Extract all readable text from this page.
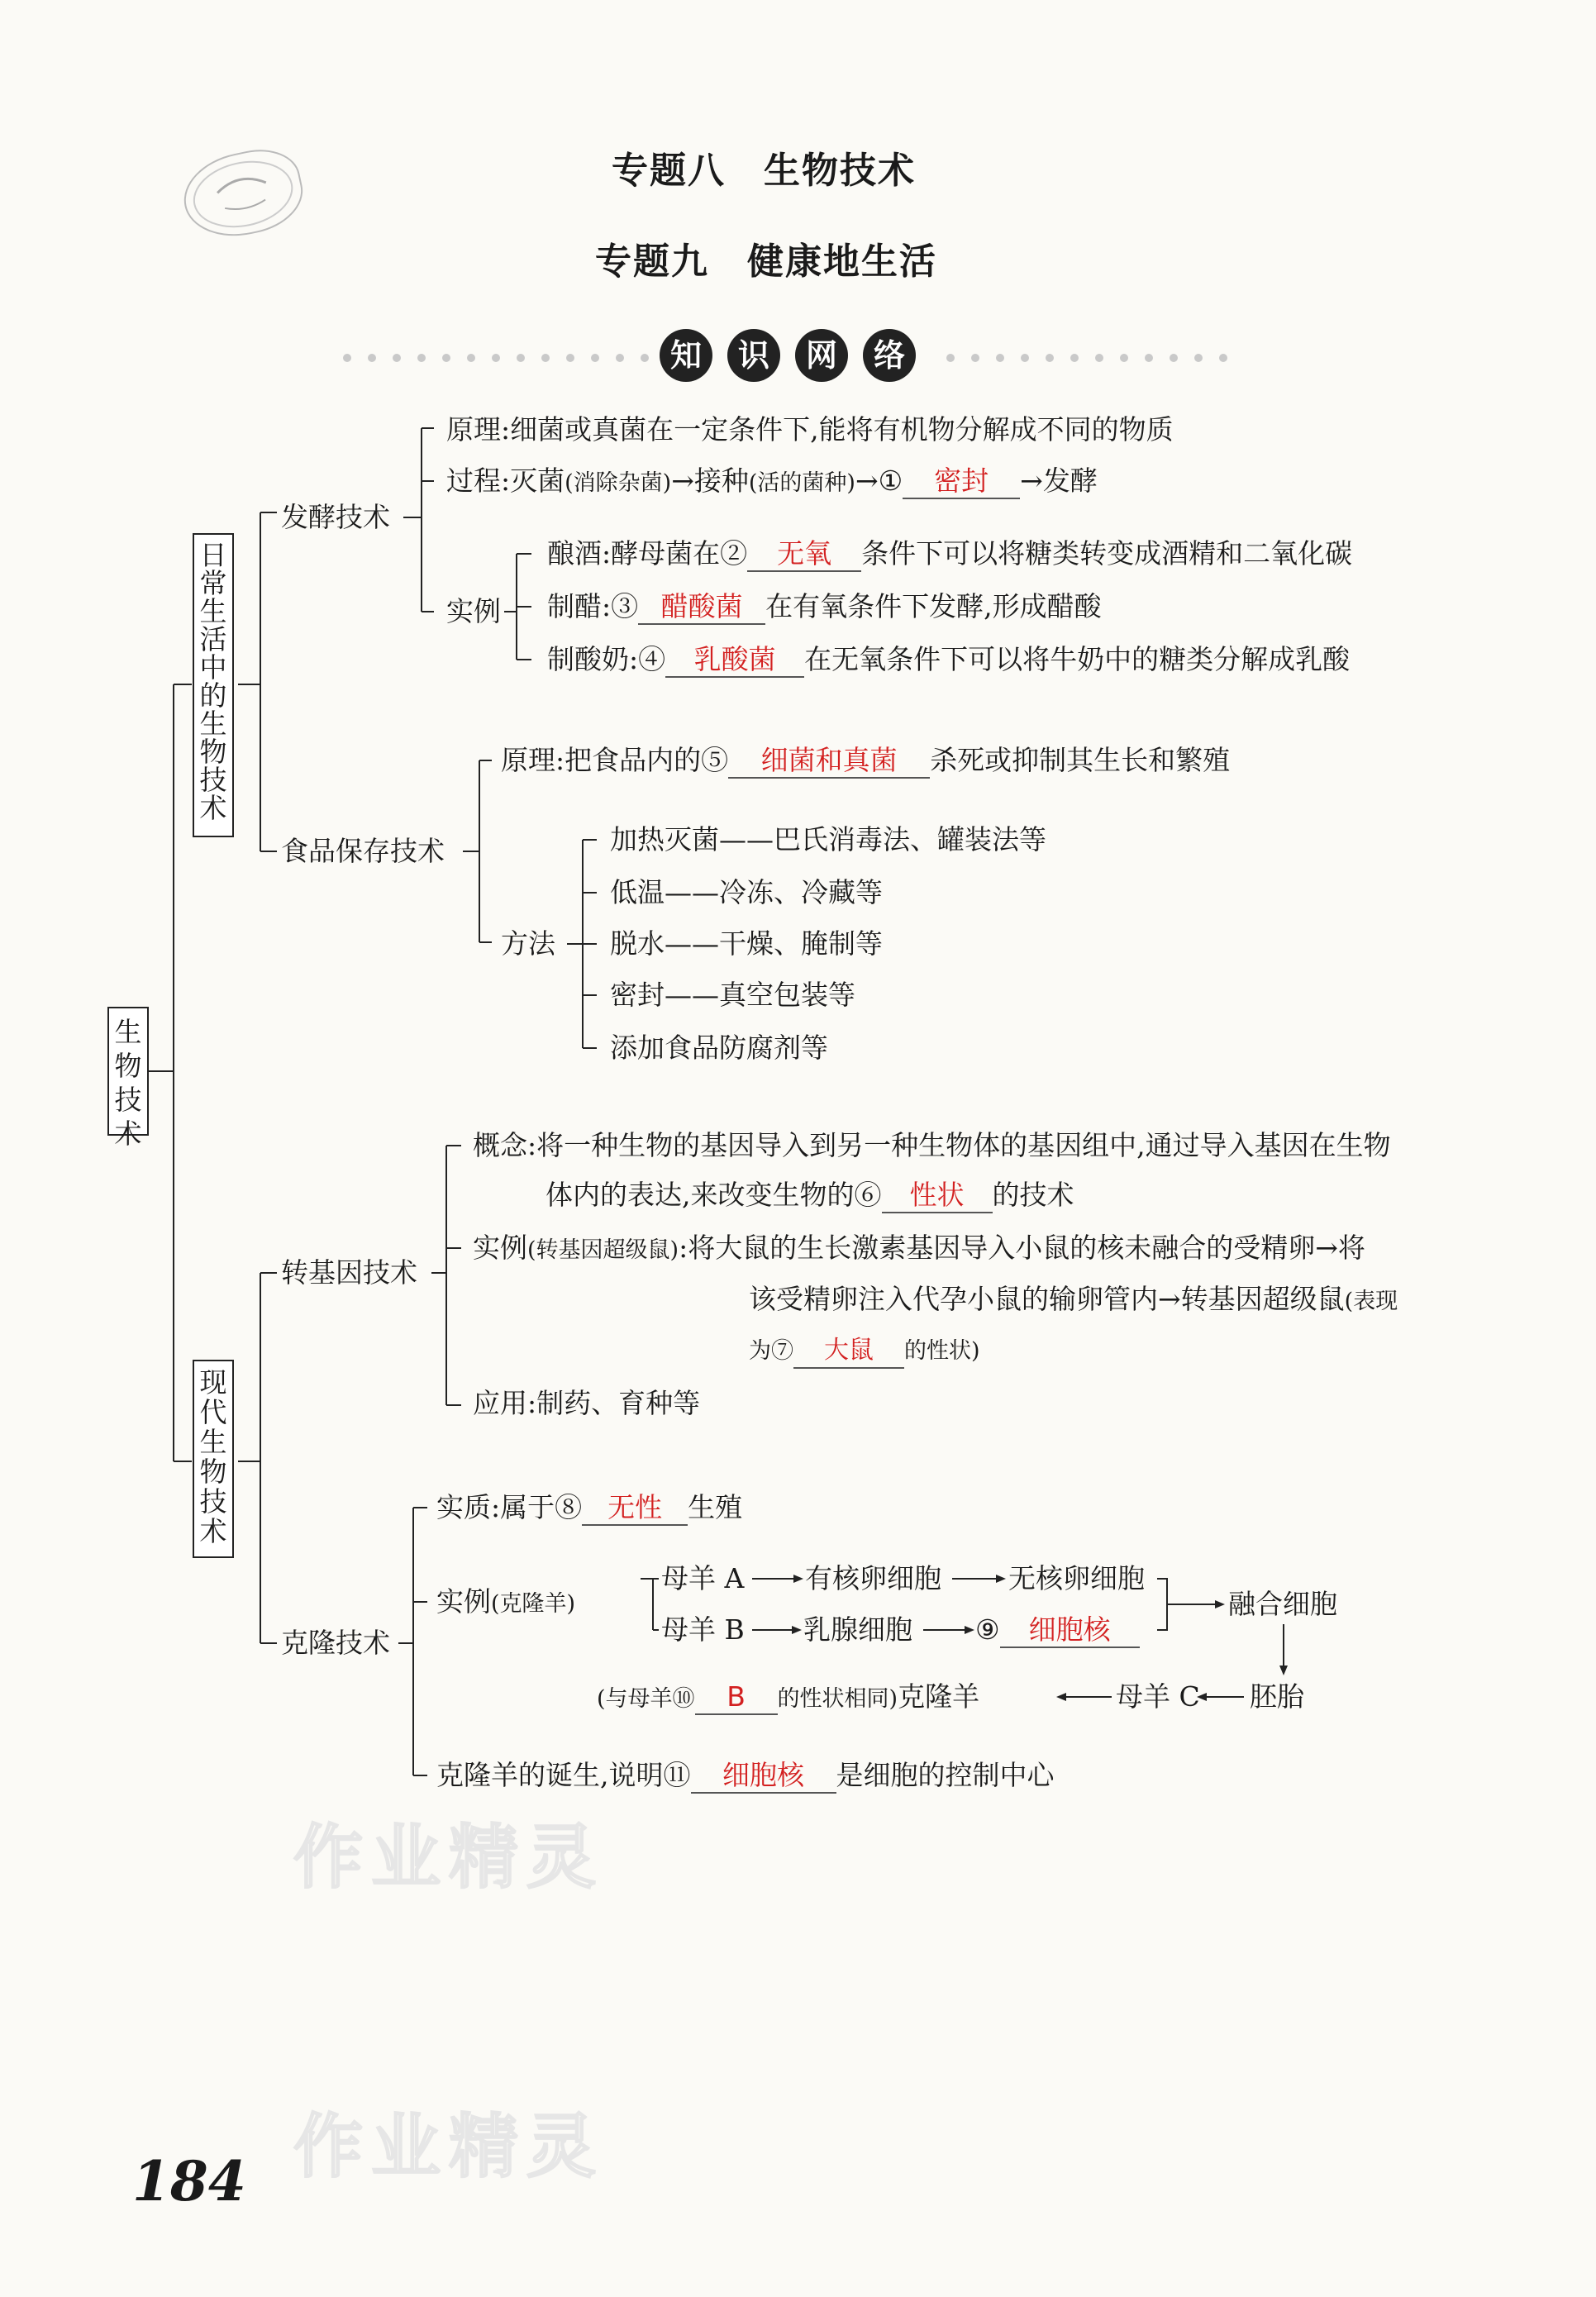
专题八　生物技术
专题九　健康地生活
知	识	网	络
生
物
技
术
日
常
生
活
中
的
生
物
技
术
现
代
生
物
技
术
发酵技术
原理:细菌或真菌在一定条件下,能将有机物分解成不同的物质
过程:灭菌(消除杂菌)→接种(活的菌种)→① 密封 →发酵
实例
酿酒:酵母菌在② 无氧 条件下可以将糖类转变成酒精和二氧化碳
制醋:③ 醋酸菌 在有氧条件下发酵,形成醋酸
制酸奶:④ 乳酸菌 在无氧条件下可以将牛奶中的糖类分解成乳酸
食品保存技术
原理:把食品内的⑤ 细菌和真菌 杀死或抑制其生长和繁殖
方法
加热灭菌——巴氏消毒法、罐装法等
低温——冷冻、冷藏等
脱水——干燥、腌制等
密封——真空包装等
添加食品防腐剂等
转基因技术
概念:将一种生物的基因导入到另一种生物体的基因组中,通过导入基因在生物
体内的表达,来改变生物的⑥ 性状 的技术
实例(转基因超级鼠):将大鼠的生长激素基因导入小鼠的核未融合的受精卵→将
该受精卵注入代孕小鼠的输卵管内→转基因超级鼠(表现
为⑦ 大鼠 的性状)
应用:制药、育种等
克隆技术
实质:属于⑧ 无性 生殖
实例(克隆羊)
母羊 A 有核卵细胞 无核卵细胞
母羊 B 乳腺细胞 ⑨ 细胞核
融合细胞
(与母羊⑩ B 的性状相同)克隆羊	母羊 C 胚胎
克隆羊的诞生,说明⑪ 细胞核 是细胞的控制中心
作业精灵
作业精灵
184
